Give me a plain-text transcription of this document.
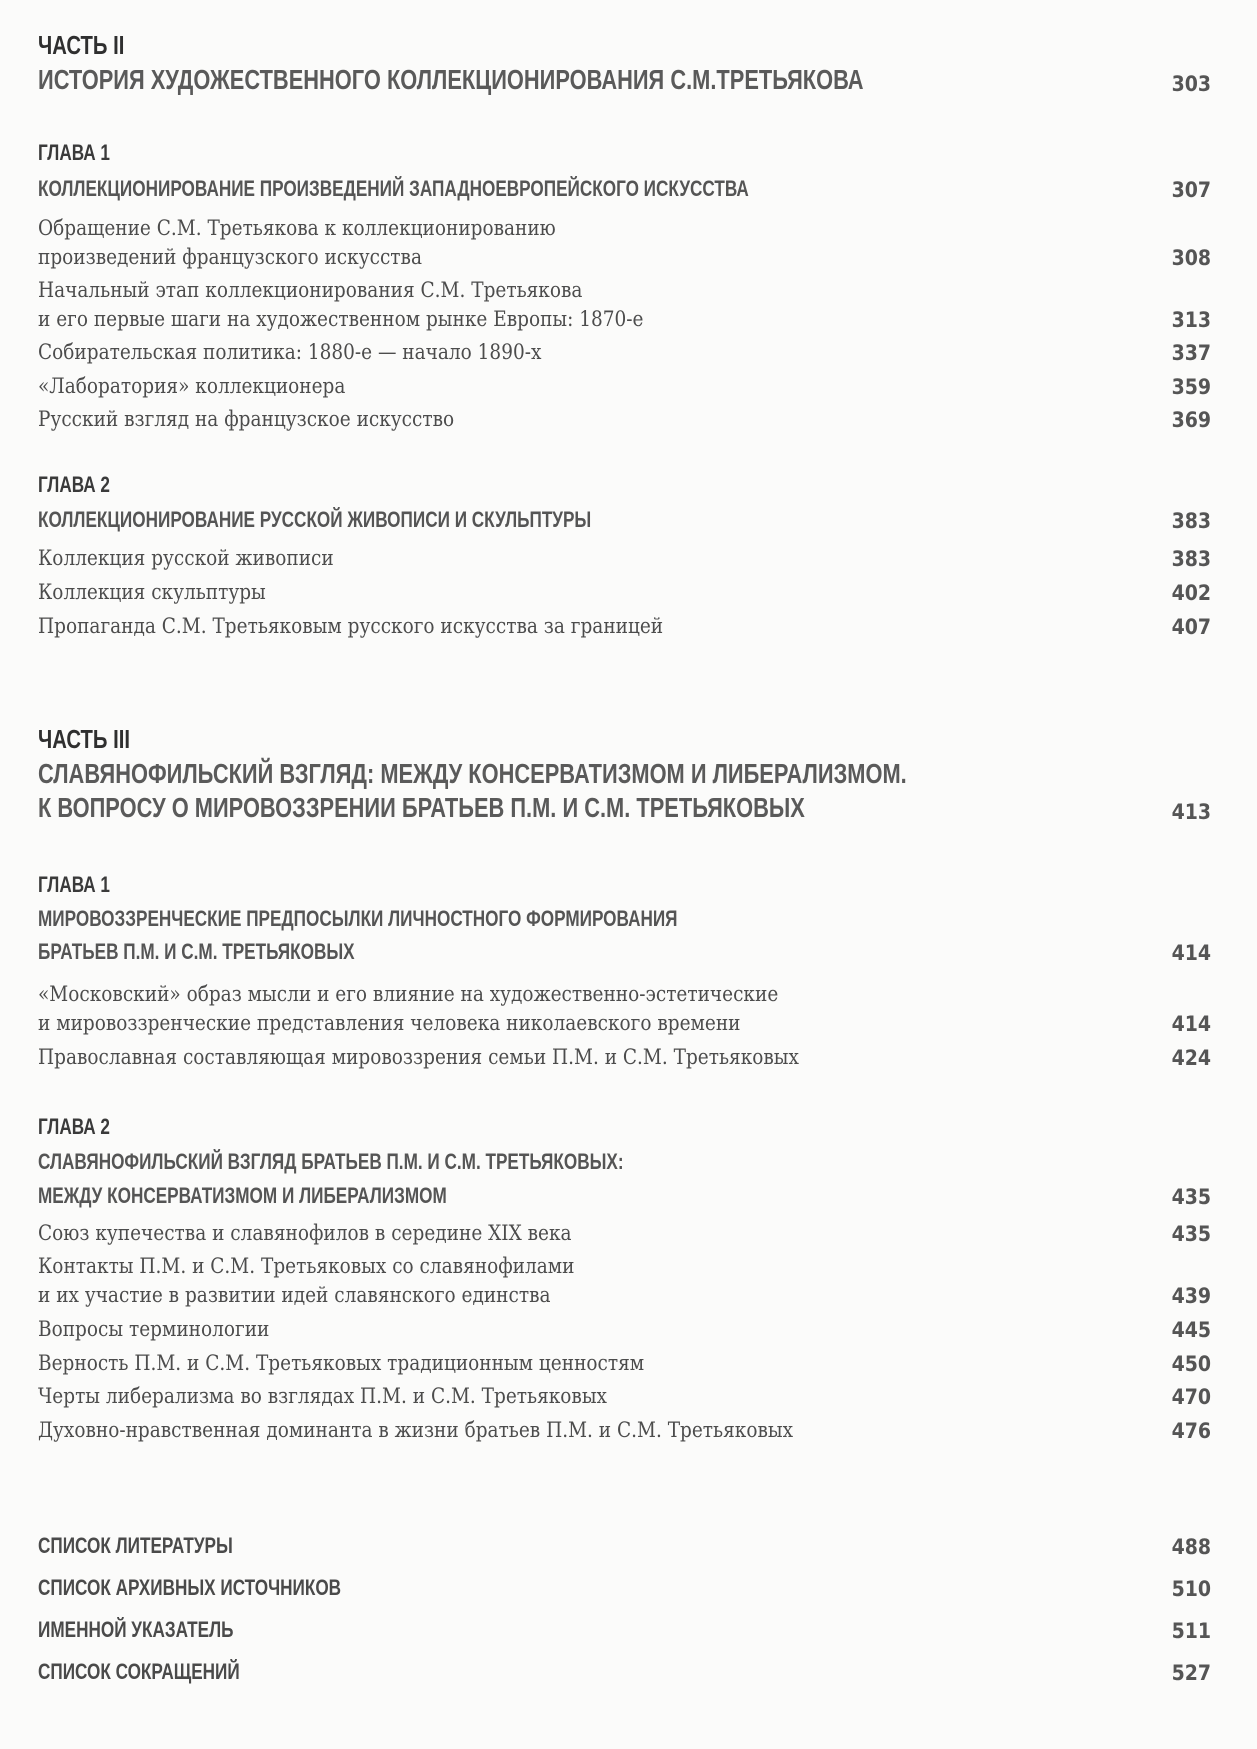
ЧАСТЬ II
ИСТОРИЯ ХУДОЖЕСТВЕННОГО КОЛЛЕКЦИОНИРОВАНИЯ С.М.ТРЕТЬЯКОВА	303
ГЛАВА 1
КОЛЛЕКЦИОНИРОВАНИЕ ПРОИЗВЕДЕНИЙ ЗАПАДНОЕВРОПЕЙСКОГО ИСКУССТВА	307
Обращение С.М. Третьякова к коллекционированию
произведений французского искусства	308
Начальный этап коллекционирования С.М. Третьякова
и его первые шаги на художественном рынке Европы: 1870-е	313
Собирательская политика: 1880-е — начало 1890-х	337
«Лаборатория» коллекционера	359
Русский взгляд на французское искусство	369
ГЛАВА 2
КОЛЛЕКЦИОНИРОВАНИЕ РУССКОЙ ЖИВОПИСИ И СКУЛЬПТУРЫ	383
Коллекция русской живописи	383
Коллекция скульптуры	402
Пропаганда С.М. Третьяковым русского искусства за границей	407
ЧАСТЬ III
СЛАВЯНОФИЛЬСКИЙ ВЗГЛЯД: МЕЖДУ КОНСЕРВАТИЗМОМ И ЛИБЕРАЛИЗМОМ.
К ВОПРОСУ О МИРОВОЗЗРЕНИИ БРАТЬЕВ П.М. И С.М. ТРЕТЬЯКОВЫХ	413
ГЛАВА 1
МИРОВОЗЗРЕНЧЕСКИЕ ПРЕДПОСЫЛКИ ЛИЧНОСТНОГО ФОРМИРОВАНИЯ
БРАТЬЕВ П.М. И С.М. ТРЕТЬЯКОВЫХ	414
«Московский» образ мысли и его влияние на художественно-эстетические
и мировоззренческие представления человека николаевского времени	414
Православная составляющая мировоззрения семьи П.М. и С.М. Третьяковых	424
ГЛАВА 2
СЛАВЯНОФИЛЬСКИЙ ВЗГЛЯД БРАТЬЕВ П.М. И С.М. ТРЕТЬЯКОВЫХ:
МЕЖДУ КОНСЕРВАТИЗМОМ И ЛИБЕРАЛИЗМОМ	435
Союз купечества и славянофилов в середине XIX века	435
Контакты П.М. и С.М. Третьяковых со славянофилами
и их участие в развитии идей славянского единства	439
Вопросы терминологии	445
Верность П.М. и С.М. Третьяковых традиционным ценностям	450
Черты либерализма во взглядах П.М. и С.М. Третьяковых	470
Духовно-нравственная доминанта в жизни братьев П.М. и С.М. Третьяковых	476
СПИСОК ЛИТЕРАТУРЫ	488
СПИСОК АРХИВНЫХ ИСТОЧНИКОВ	510
ИМЕННОЙ УКАЗАТЕЛЬ	511
СПИСОК СОКРАЩЕНИЙ	527
